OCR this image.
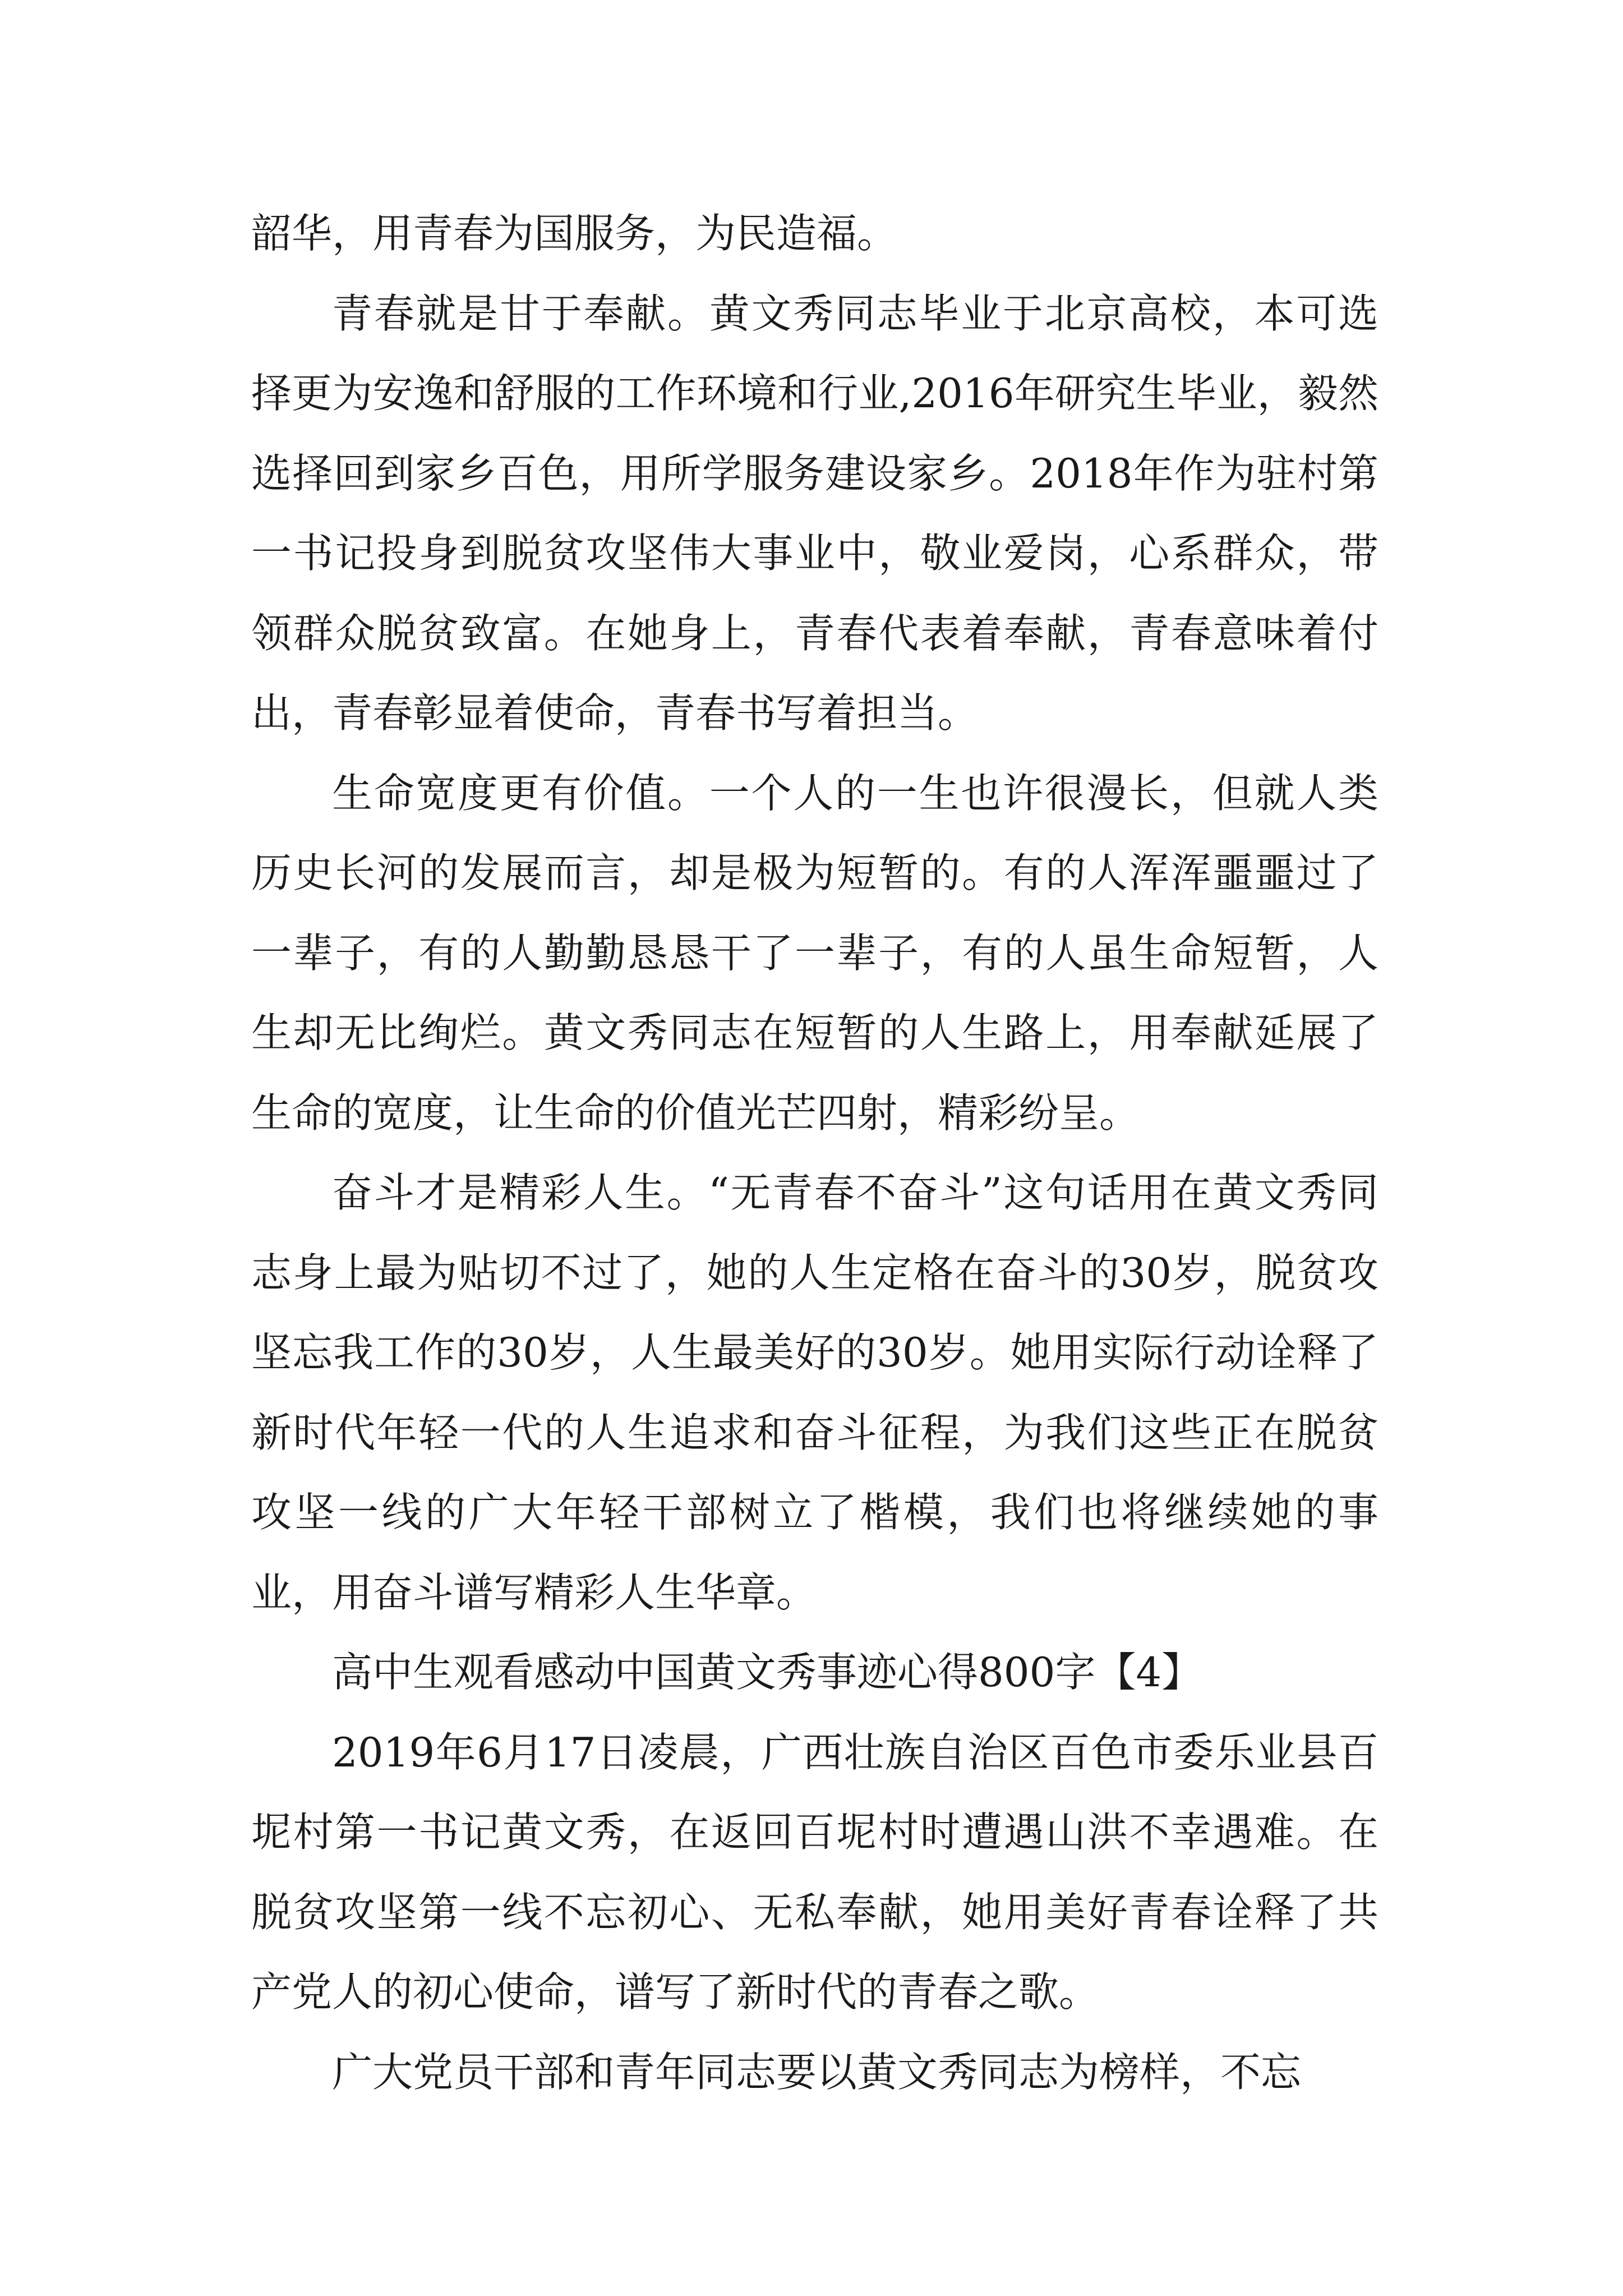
韶华，用青春为国服务，为民造福。

青春就是甘于奉献。黄文秀同志毕业于北京高校，本可选择更为安逸和舒服的工作环境和行业,2016年研究生毕业，毅然选择回到家乡百色，用所学服务建设家乡。2018年作为驻村第一书记投身到脱贫攻坚伟大事业中，敬业爱岗，心系群众，带领群众脱贫致富。在她身上，青春代表着奉献，青春意味着付出，青春彰显着使命，青春书写着担当。

生命宽度更有价值。一个人的一生也许很漫长，但就人类历史长河的发展而言，却是极为短暂的。有的人浑浑噩噩过了一辈子，有的人勤勤恳恳干了一辈子，有的人虽生命短暂，人生却无比绚烂。黄文秀同志在短暂的人生路上，用奉献延展了生命的宽度，让生命的价值光芒四射，精彩纷呈。

奋斗才是精彩人生。“无青春不奋斗”这句话用在黄文秀同志身上最为贴切不过了，她的人生定格在奋斗的30岁，脱贫攻坚忘我工作的30岁，人生最美好的30岁。她用实际行动诠释了新时代年轻一代的人生追求和奋斗征程，为我们这些正在脱贫攻坚一线的广大年轻干部树立了楷模，我们也将继续她的事业，用奋斗谱写精彩人生华章。

高中生观看感动中国黄文秀事迹心得800字【4】

2019年6月17日凌晨，广西壮族自治区百色市委乐业县百坭村第一书记黄文秀，在返回百坭村时遭遇山洪不幸遇难。在脱贫攻坚第一线不忘初心、无私奉献，她用美好青春诠释了共产党人的初心使命，谱写了新时代的青春之歌。

广大党员干部和青年同志要以黄文秀同志为榜样，不忘
